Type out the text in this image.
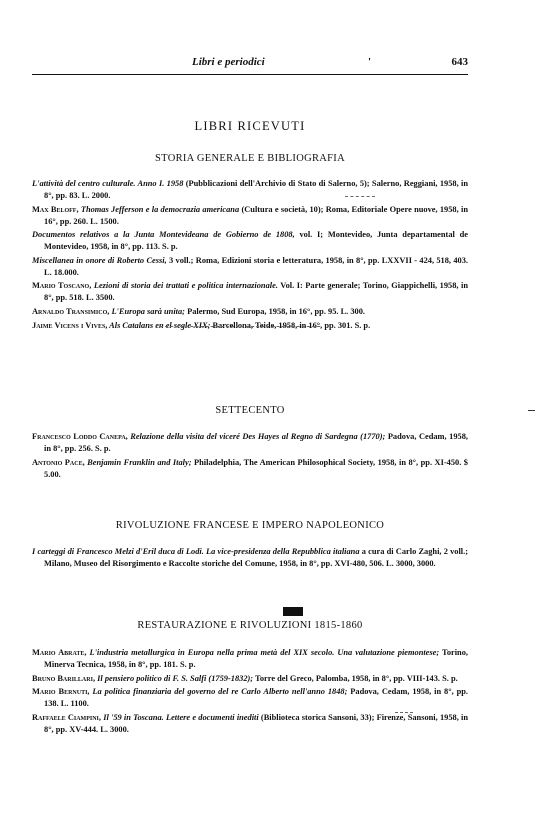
Libri e periodici	'	643
LIBRI RICEVUTI
STORIA GENERALE E BIBLIOGRAFIA
L'attività del centro culturale. Anno I. 1958 (Pubblicazioni dell'Archivio di Stato di Salerno, 5); Salerno, Reggiani, 1958, in 8°, pp. 83. L. 2000.
Max Beloff, Thomas Jefferson e la democrazia americana (Cultura e società, 10); Roma, Editoriale Opere nuove, 1958, in 16°, pp. 260. L. 1500.
Documentos relativos a la Junta Montevideana de Gobierno de 1808, vol. I; Montevideo, Junta departamental de Montevideo, 1958, in 8°, pp. 113. S. p.
Miscellanea in onore di Roberto Cessi, 3 voll.; Roma, Edizioni storia e letteratura, 1958, in 8°, pp. LXXVII - 424, 518, 403. L. 18.000.
Mario Toscano, Lezioni di storia dei trattati e politica internazionale. Vol. I: Parte generale; Torino, Giappichelli, 1958, in 8°, pp. 518. L. 3500.
Arnaldo Transimico, L'Europa sarà unita; Palermo, Sud Europa, 1958, in 16°, pp. 95. L. 300.
Jaime Vicens i Vives, Als Catalans en el segle XIX; Barcellona, Teide, 1958, in 16°, pp. 301. S. p.
SETTECENTO
Francesco Loddo Canepa, Relazione della visita del viceré Des Hayes al Regno di Sardegna (1770); Padova, Cedam, 1958, in 8°, pp. 256. S. p.
Antonio Pace, Benjamin Franklin and Italy; Philadelphia, The American Philosophical Society, 1958, in 8°, pp. XI-450. $ 5.00.
RIVOLUZIONE FRANCESE E IMPERO NAPOLEONICO
I carteggi di Francesco Melzi d'Eril duca di Lodi. La vice-presidenza della Repubblica italiana a cura di Carlo Zaghi, 2 voll.; Milano, Museo del Risorgimento e Raccolte storiche del Comune, 1958, in 8°, pp. XVI-480, 506. L. 3000, 3000.
RESTAURAZIONE E RIVOLUZIONI 1815-1860
Mario Abrate, L'industria metallurgica in Europa nella prima metà del XIX secolo. Una valutazione piemontese; Torino, Minerva Tecnica, 1958, in 8°, pp. 181. S. p.
Bruno Barillari, Il pensiero politico di F. S. Salfi (1759-1832); Torre del Greco, Palomba, 1958, in 8°, pp. VIII-143. S. p.
Mario Bernuti, La politica finanziaria del governo del re Carlo Alberto nell'anno 1848; Padova, Cedam, 1958, in 8°, pp. 138. L. 1100.
Raffaele Ciampini, Il '59 in Toscana. Lettere e documenti inediti (Biblioteca storica Sansoni, 33); Firenze, Sansoni, 1958, in 8°, pp. XV-444. L. 3000.
